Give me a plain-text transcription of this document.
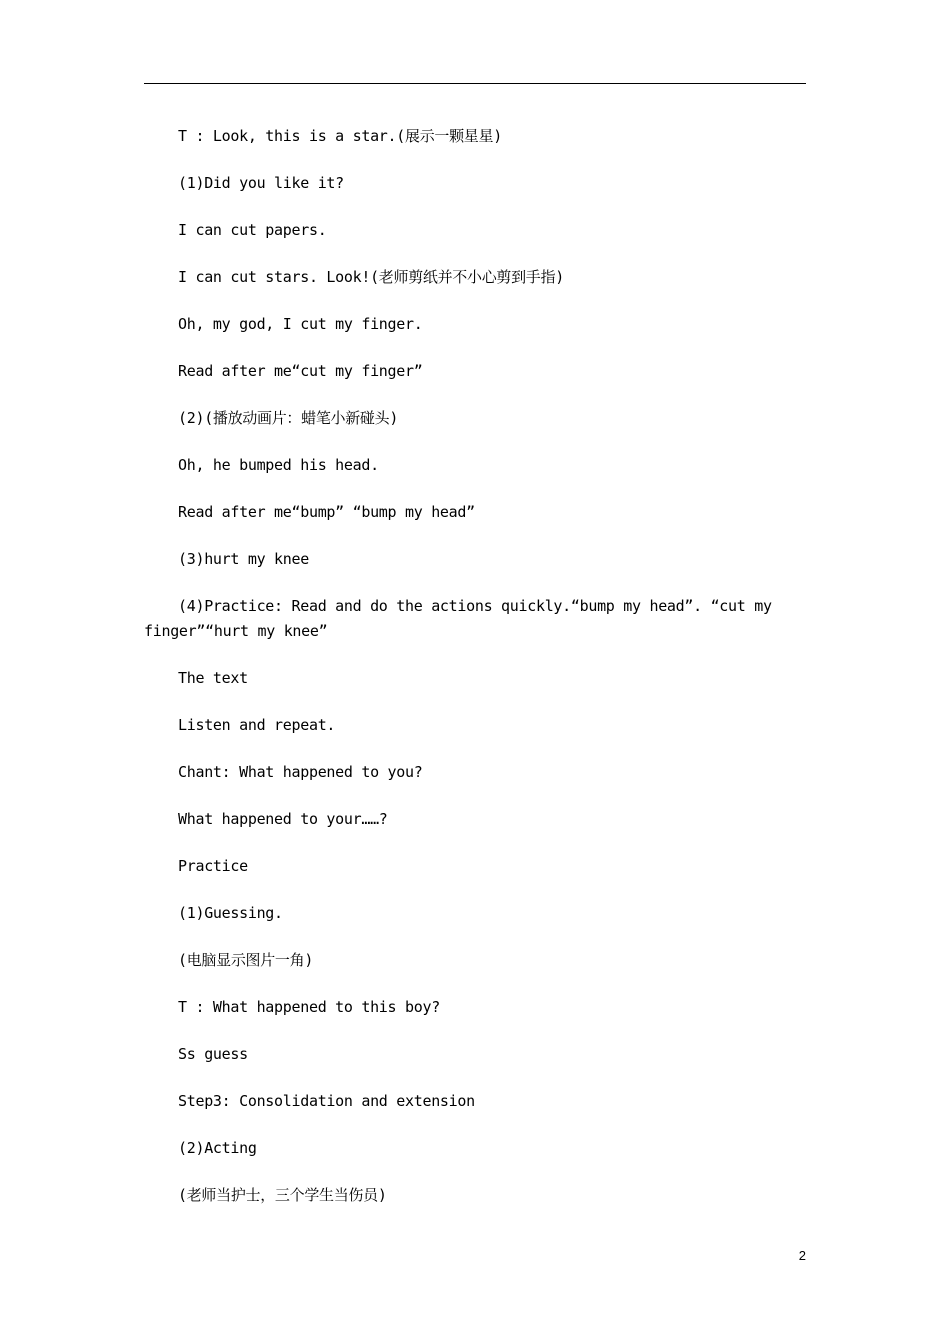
T : Look, this is a star.(展示一颗星星)

(1)Did you like it?

I can cut papers.

I can cut stars. Look!(老师剪纸并不小心剪到手指)

Oh, my god, I cut my finger.

Read after me“cut my finger”

(2)(播放动画片：蜡笔小新碰头)

Oh, he bumped his head.

Read after me“bump” “bump my head”

(3)hurt my knee

(4)Practice: Read and do the actions quickly.“bump my head”. “cut my finger”“hurt my knee”

The text

Listen and repeat.

Chant: What happened to you?

What happened to your……?

Practice

(1)Guessing.

(电脑显示图片一角)

T : What happened to this boy?

Ss guess

Step3: Consolidation and extension

(2)Acting

(老师当护士，三个学生当伤员)

2
